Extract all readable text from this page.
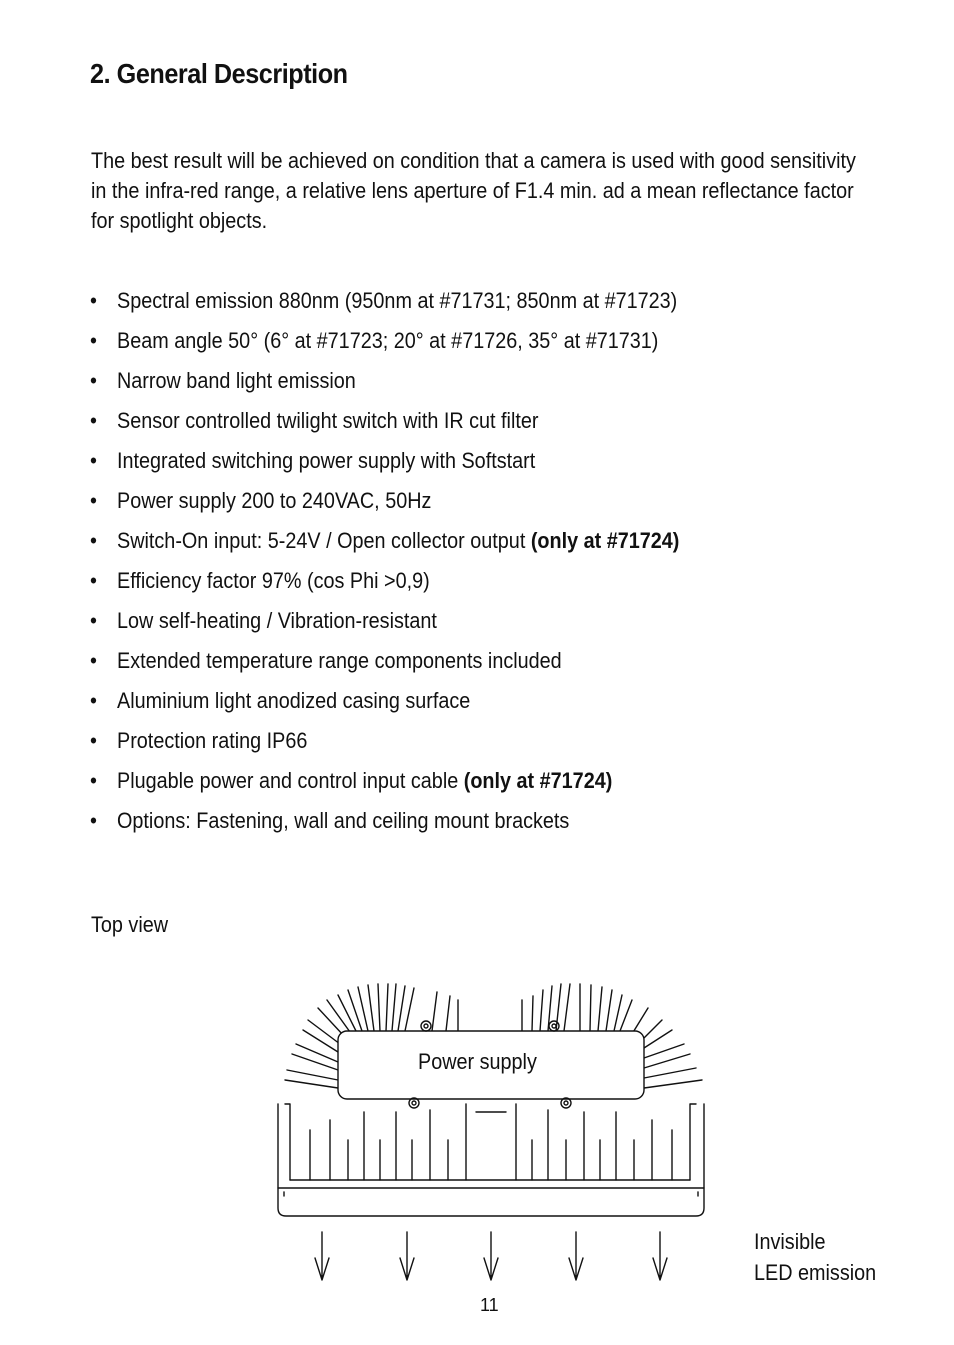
2. General Description

The best result will be achieved on condition that a camera is used with good sensitivity in the infra-red range, a relative lens aperture of F1.4 min. ad a mean reflectance factor for spotlight objects.

• Spectral emission 880nm (950nm at #71731; 850nm at #71723)
• Beam angle 50° (6° at #71723; 20° at #71726, 35° at #71731)
• Narrow band light emission
• Sensor controlled twilight switch with IR cut filter
• Integrated switching power supply with Softstart
• Power supply 200 to 240VAC, 50Hz
• Switch-On input: 5-24V / Open collector output (only at #71724)
• Efficiency factor 97% (cos Phi >0,9)
• Low self-heating / Vibration-resistant
• Extended temperature range components included
• Aluminium light anodized casing surface
• Protection rating IP66
• Plugable power and control input cable (only at #71724)
• Options: Fastening, wall and ceiling mount brackets

Top view

Power supply
Invisible
LED emission
11
